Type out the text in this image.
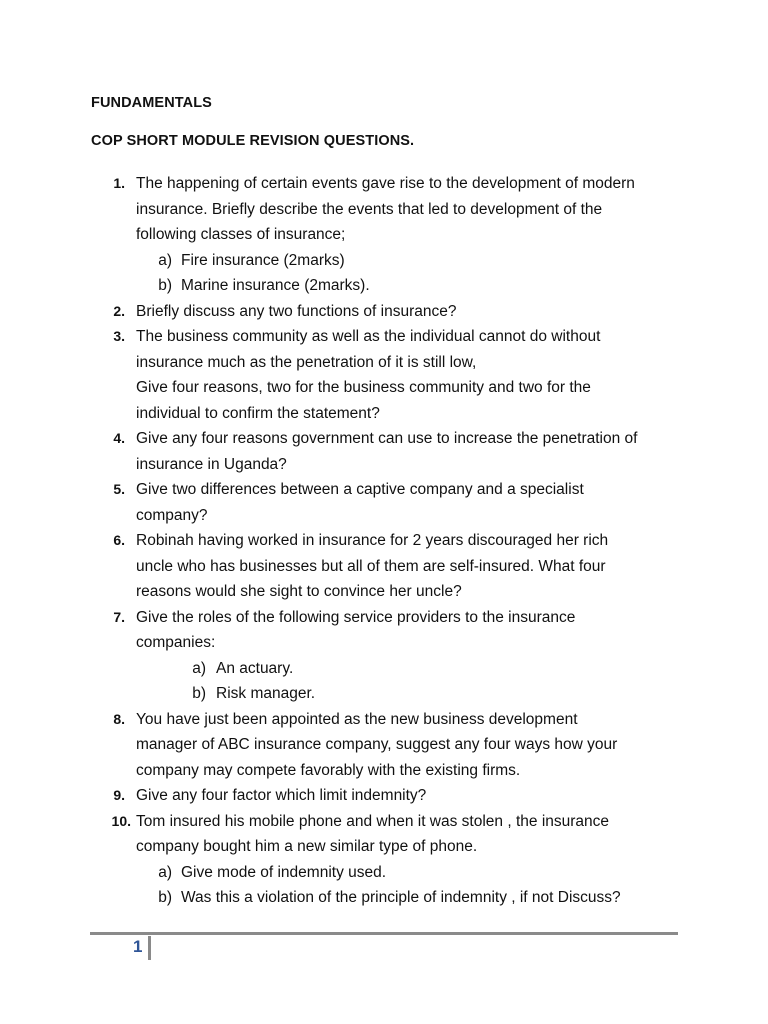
FUNDAMENTALS
COP SHORT MODULE REVISION QUESTIONS.
1. The happening of certain events gave rise to the development of modern
insurance. Briefly describe the events that led to development of the
following classes of insurance;
a) Fire insurance (2marks)
b) Marine insurance (2marks).
2. Briefly discuss any two functions of insurance?
3. The business community as well as the individual cannot do without
insurance much as the penetration of it is still low,
Give four reasons, two for the business community and two for the
individual to confirm the statement?
4. Give any four reasons government can use to increase the penetration of
insurance in Uganda?
5. Give two differences between a captive company and a specialist
company?
6. Robinah having worked in insurance for 2 years discouraged her rich
uncle who has businesses but all of them are self-insured. What four
reasons would she sight to convince her uncle?
7. Give the roles of the following service providers to the insurance
companies:
a) An actuary.
b) Risk manager.
8. You have just been appointed as the new business development
manager of ABC insurance company, suggest any four ways how your
company may compete favorably with the existing firms.
9. Give any four factor which limit indemnity?
10. Tom insured his mobile phone and when it was stolen , the insurance
company bought him a new similar type of phone.
a) Give mode of indemnity used.
b) Was this a violation of the principle of indemnity , if not Discuss?
1
